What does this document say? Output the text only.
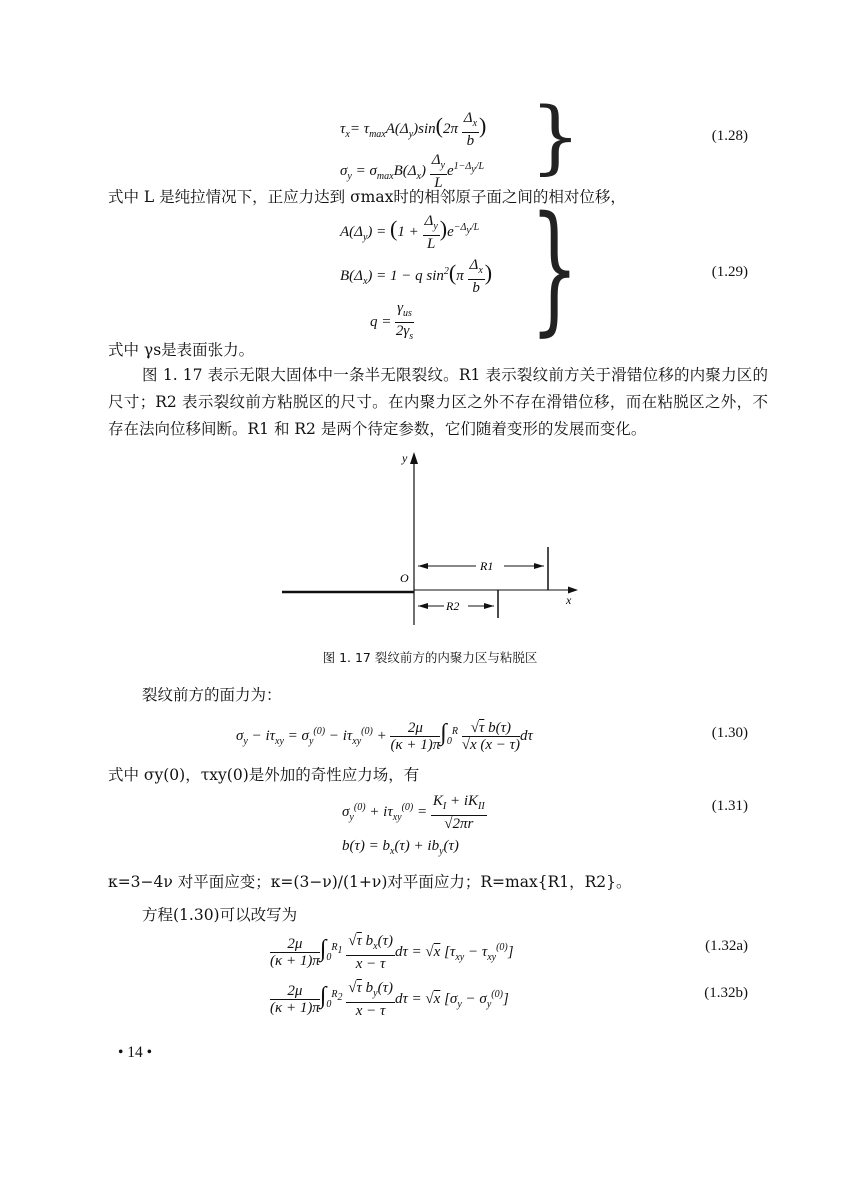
$\tau_x= \tau_{max}A(\Delta_y)\sin(2\pi \frac{\Delta_x}{b}$ )
$\sigma_y = \sigma_{max}B(\Delta_x) \frac{\Delta_y}{L} e^{1-\Delta_y/L}$ }	(1.28)
式中 L 是纯拉情况下，正应力达到 σmax时的相邻原子面之间的相对位移，
$A(\Delta_y) = (1 + \frac{\Delta_y}{L} )e^{-\Delta_y/L}$
$B(\Delta_x) = 1 - q$ $\sin^2(\pi \frac{\Delta_x}{b}$ )
$q = \frac{\gamma_{us}}{2\gamma_s}$ }	(1.29)
式中 γs是表面张力。
图 1. 17 表示无限大固体中一条半无限裂纹。R1 表示裂纹前方关于滑错位移的内聚力区的尺寸；R2 表示裂纹前方粘脱区的尺寸。在内聚力区之外不存在滑错位移，而在粘脱区之外，不存在法向位移间断。R1 和 R2 是两个待定参数，它们随着变形的发展而变化。
y
O
x
R1
R2
图 1. 17 裂纹前方的内聚力区与粘脱区
裂纹前方的面力为：
$\sigma_y - i\tau_{xy} = \sigma_y^{(0)} - i\tau_{xy}^{(0)} + \frac{2\mu}{(\kappa + 1)\pi} \int_0^R \frac{\text{√τ b(τ)}}{√x (x - \tau)}$ dτ	(1.30)
式中 σy(0)，τxy(0)是外加的奇性应力场，有
$\sigma_y^{(0)} + i\tau_{xy}^{(0)} = \frac{K_I + iK_{II}}{√2\pi r}$	(1.31)
$b(\tau) = b_x(\tau) + ib_y(\tau)$
κ=3−4ν 对平面应变；κ=(3−ν)/(1+ν)对平面应力；R=max{R1，R2}。
方程(1.30)可以改写为
$\frac{2\mu}{(\kappa + 1)\pi} \int_0^{R_1} \frac{√\tau b_x(\tau)}{x - \tau}$ dτ = √x $[\tau_{xy} - \tau_{xy}^{(0)}]$	(1.32a)
$\frac{2\mu}{(\kappa + 1)\pi} \int_0^{R_2} \frac{√\tau b_y(\tau)}{x - \tau}$ dτ = √x $[\sigma_y - \sigma_y^{(0)}]$	(1.32b)
• 14 •
